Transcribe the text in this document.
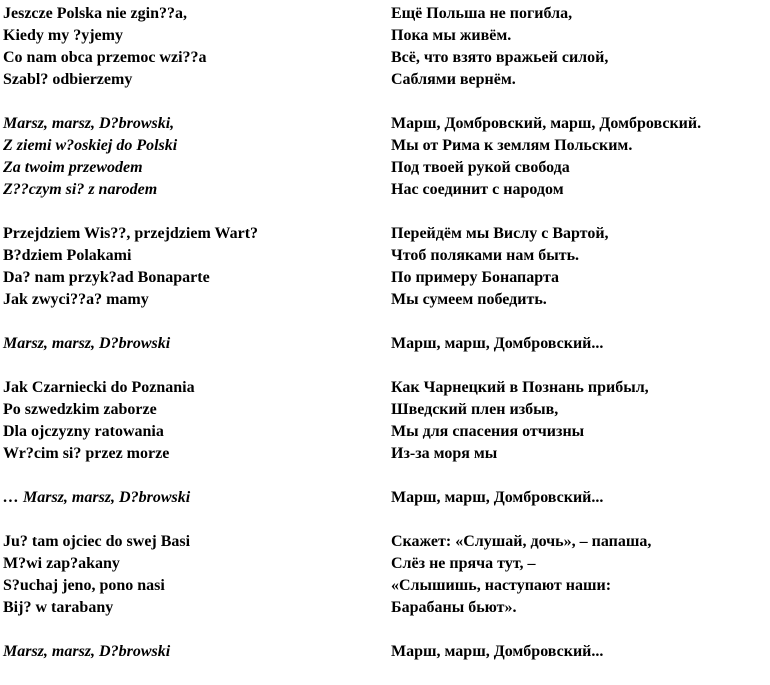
Jeszcze Polska nie zgin??a,
Kiedy my ?yjemy
Co nam obca przemoc wzi??a
Szabl? odbierzemy
Marsz, marsz, D?browski,
Z ziemi w?oskiej do Polski
Za twoim przewodem
Z??czym si? z narodem
Przejdziem Wis??, przejdziem Wart?
B?dziem Polakami
Da? nam przyk?ad Bonaparte
Jak zwyci??a? mamy
Marsz, marsz, D?browski
Jak Czarniecki do Poznania
Po szwedzkim zaborze
Dla ojczyzny ratowania
Wr?cim si? przez morze
… Marsz, marsz, D?browski
Ju? tam ojciec do swej Basi
M?wi zap?akany
S?uchaj jeno, pono nasi
Bij? w tarabany
Marsz, marsz, D?browski
Ещё Польша не погибла,
Пока мы живём.
Всё, что взято вражьей силой,
Саблями вернём.
Марш, Домбровский, марш, Домбровский.
Мы от Рима к землям Польским.
Под твоей рукой свобода
Нас соединит с народом
Перейдём мы Вислу с Вартой,
Чтоб поляками нам быть.
По примеру Бонапарта
Мы сумеем победить.
Марш, марш, Домбровский...
Как Чарнецкий в Познань прибыл,
Шведский плен избыв,
Мы для спасения отчизны
Из-за моря мы
Марш, марш, Домбровский...
Скажет: «Слушай, дочь», – папаша,
Слёз не пряча тут, –
«Слышишь, наступают наши:
Барабаны бьют».
Марш, марш, Домбровский...
